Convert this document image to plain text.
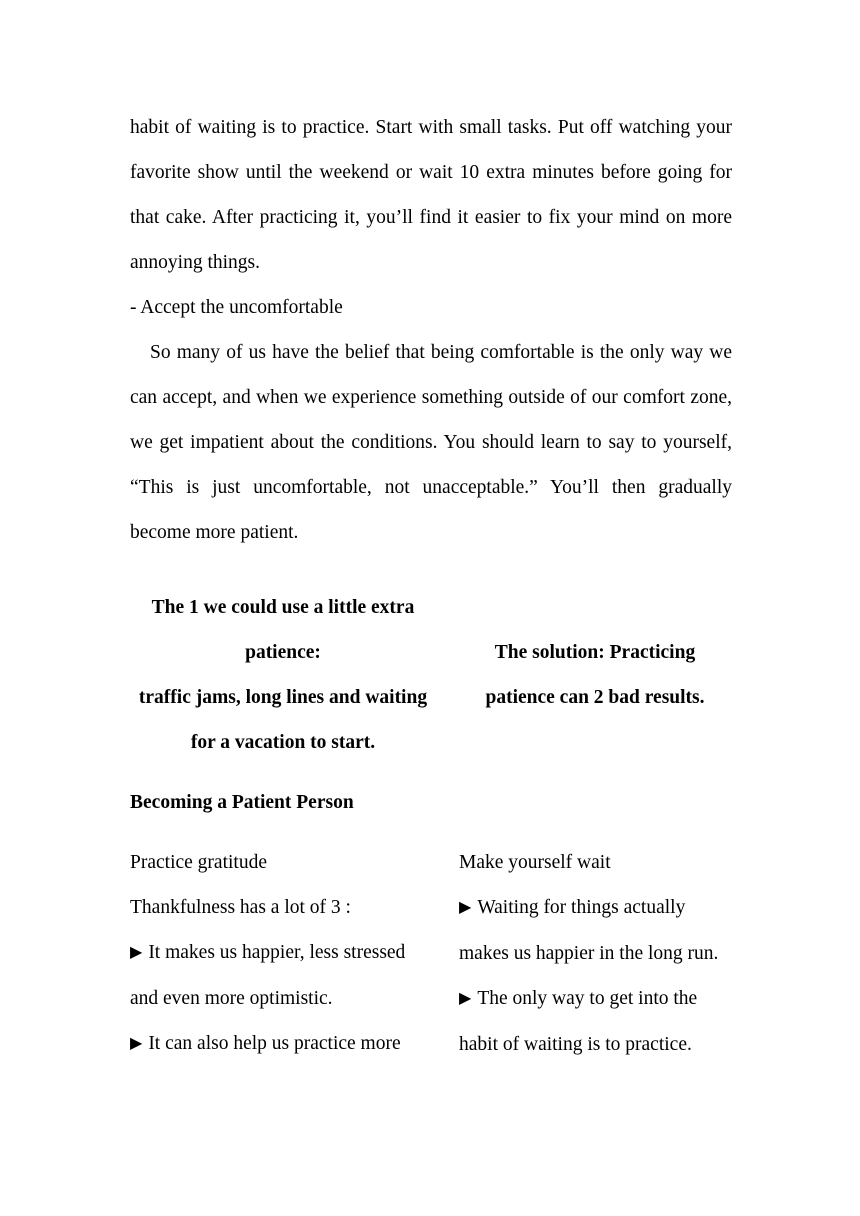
habit of waiting is to practice. Start with small tasks. Put off watching your favorite show until the weekend or wait 10 extra minutes before going for that cake. After practicing it, you’ll find it easier to fix your mind on more annoying things.
- Accept the uncomfortable
So many of us have the belief that being comfortable is the only way we can accept, and when we experience something outside of our comfort zone, we get impatient about the conditions. You should learn to say to yourself, “This is just uncomfortable, not unacceptable.” You’ll then gradually become more patient.
The 1 we could use a little extra patience:
traffic jams, long lines and waiting for a vacation to start.
The solution: Practicing patience can 2 bad results.
Becoming a Patient Person
Practice gratitude
Thankfulness has a lot of 3 :
▶ It makes us happier, less stressed
and even more optimistic.
▶ It can also help us practice more
Make yourself wait
▶ Waiting for things actually
makes us happier in the long run.
▶ The only way to get into the
habit of waiting is to practice.
